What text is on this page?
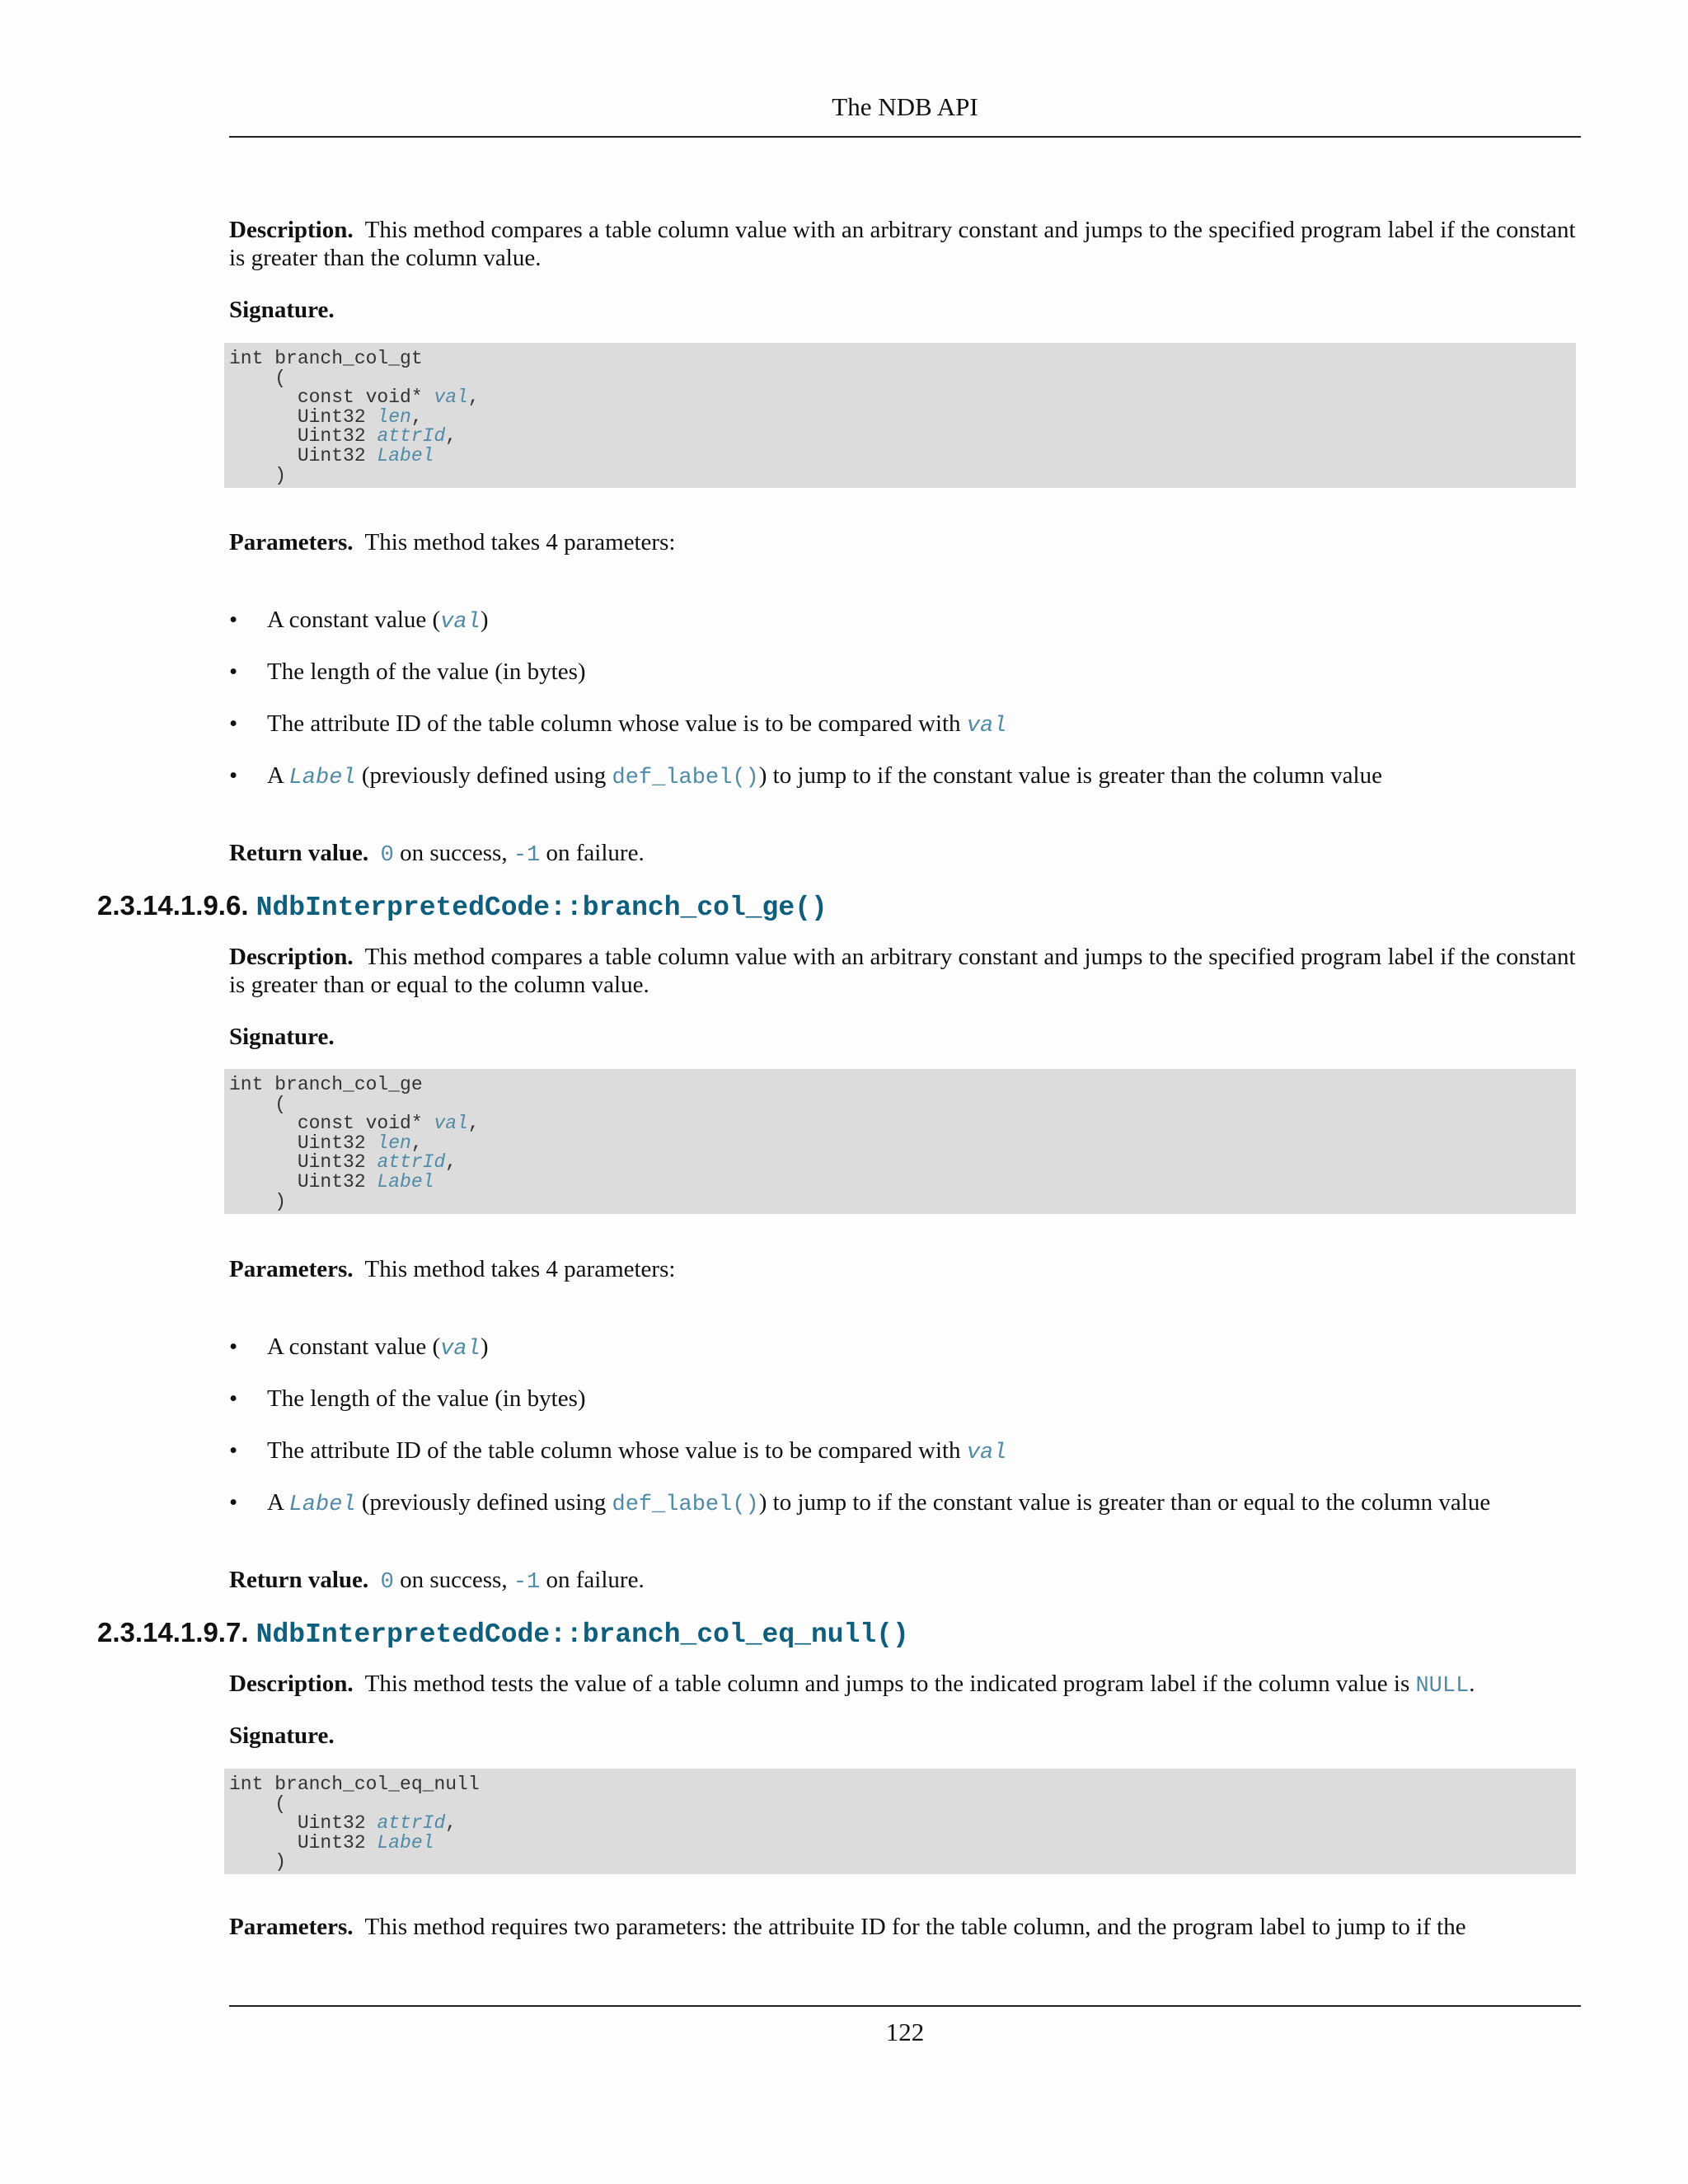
The NDB API

Description. This method compares a table column value with an arbitrary constant and jumps to the specified program label if the constant is greater than the column value.

Signature.

int branch_col_gt
(
const void* val,
Uint32 len,
Uint32 attrId,
Uint32 Label
)

Parameters. This method takes 4 parameters:

• A constant value (val)
• The length of the value (in bytes)
• The attribute ID of the table column whose value is to be compared with val
• A Label (previously defined using def_label()) to jump to if the constant value is greater than the column value

Return value. 0 on success, -1 on failure.

2.3.14.1.9.6. NdbInterpretedCode::branch_col_ge()

Description. This method compares a table column value with an arbitrary constant and jumps to the specified program label if the constant is greater than or equal to the column value.

Signature.

int branch_col_ge
(
const void* val,
Uint32 len,
Uint32 attrId,
Uint32 Label
)

Parameters. This method takes 4 parameters:

• A constant value (val)
• The length of the value (in bytes)
• The attribute ID of the table column whose value is to be compared with val
• A Label (previously defined using def_label()) to jump to if the constant value is greater than or equal to the column value

Return value. 0 on success, -1 on failure.

2.3.14.1.9.7. NdbInterpretedCode::branch_col_eq_null()

Description. This method tests the value of a table column and jumps to the indicated program label if the column value is NULL.

Signature.

int branch_col_eq_null
(
Uint32 attrId,
Uint32 Label
)

Parameters. This method requires two parameters: the attribuite ID for the table column, and the program label to jump to if the

122
